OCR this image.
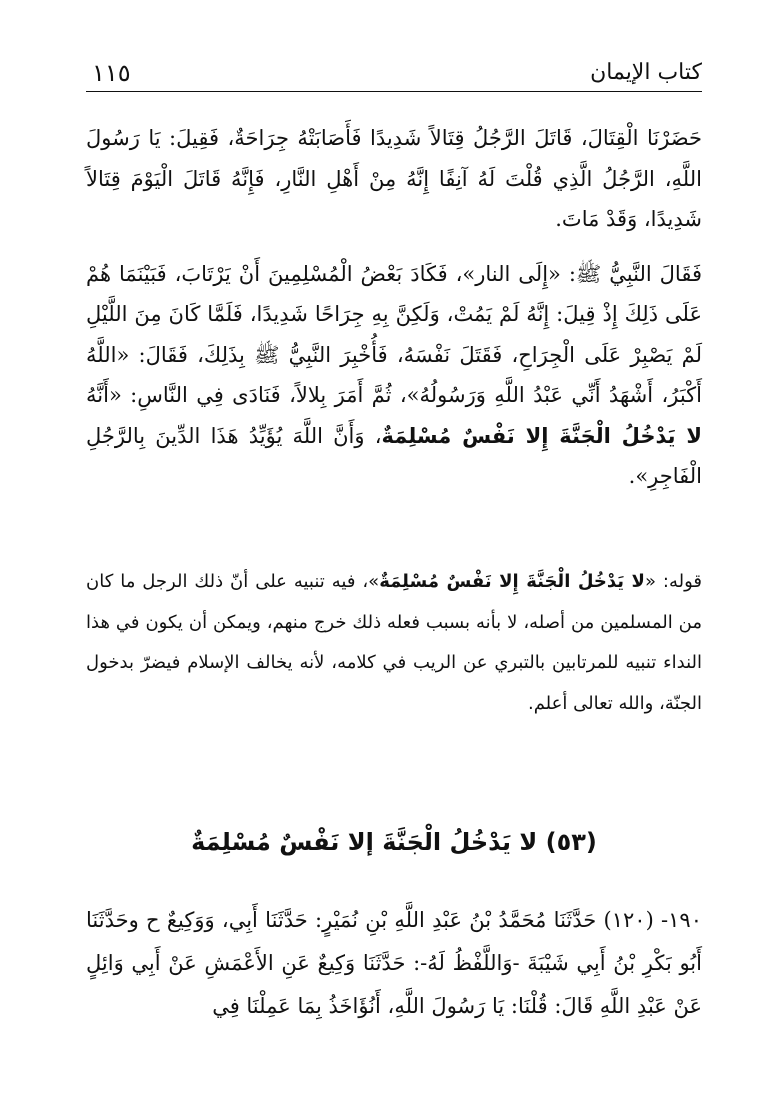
١١٥	كتاب الإيمان

حَضَرْنَا الْقِتَالَ، قَاتَلَ الرَّجُلُ قِتَالاً شَدِيدًا فَأَصَابَتْهُ جِرَاحَةٌ، فَقِيلَ: يَا رَسُولَ اللَّهِ، الرَّجُلُ الَّذِي قُلْتَ لَهُ آنِفًا إِنَّهُ مِنْ أَهْلِ النَّارِ، فَإِنَّهُ قَاتَلَ الْيَوْمَ قِتَالاً شَدِيدًا، وَقَدْ مَاتَ.

فَقَالَ النَّبِيُّ ﷺ: «إِلَى النار»، فَكَادَ بَعْضُ الْمُسْلِمِينَ أَنْ يَرْتَابَ، فَبَيْنَمَا هُمْ عَلَى ذَلِكَ إِذْ قِيلَ: إِنَّهُ لَمْ يَمُتْ، وَلَكِنَّ بِهِ جِرَاحًا شَدِيدًا، فَلَمَّا كَانَ مِنَ اللَّيْلِ لَمْ يَصْبِرْ عَلَى الْجِرَاحِ، فَقَتَلَ نَفْسَهُ، فَأُخْبِرَ النَّبِيُّ ﷺ بِذَلِكَ، فَقَالَ: «اللَّهُ أَكْبَرُ، أَشْهَدُ أَنِّي عَبْدُ اللَّهِ وَرَسُولُهُ»، ثُمَّ أَمَرَ بِلالاً، فَنَادَى فِي النَّاسِ: «أَنَّهُ لا يَدْخُلُ الْجَنَّةَ إِلا نَفْسٌ مُسْلِمَةٌ، وَأَنَّ اللَّهَ يُؤَيِّدُ هَذَا الدِّينَ بِالرَّجُلِ الْفَاجِرِ».

قوله: «لا يَدْخُلُ الْجَنَّةَ إِلا نَفْسٌ مُسْلِمَةٌ»، فيه تنبيه على أنّ ذلك الرجل ما كان من المسلمين من أصله، لا بأنه بسبب فعله ذلك خرج منهم، ويمكن أن يكون في هذا النداء تنبيه للمرتابين بالتبري عن الريب في كلامه، لأنه يخالف الإسلام فيضرّ بدخول الجنّة، والله تعالى أعلم.

(٥٣) لا يَدْخُلُ الْجَنَّةَ إلا نَفْسٌ مُسْلِمَةٌ

١٩٠- (١٢٠) حَدَّثَنَا مُحَمَّدُ بْنُ عَبْدِ اللَّهِ بْنِ نُمَيْرٍ: حَدَّثَنَا أَبِي، وَوَكِيعٌ ح وحَدَّثَنَا أَبُو بَكْرِ بْنُ أَبِي شَيْبَةَ -وَاللَّفْظُ لَهُ-: حَدَّثَنَا وَكِيعٌ عَنِ الأَعْمَشِ عَنْ أَبِي وَائِلٍ عَنْ عَبْدِ اللَّهِ قَالَ: قُلْنَا: يَا رَسُولَ اللَّهِ، أَنُؤَاخَذُ بِمَا عَمِلْنَا فِي
